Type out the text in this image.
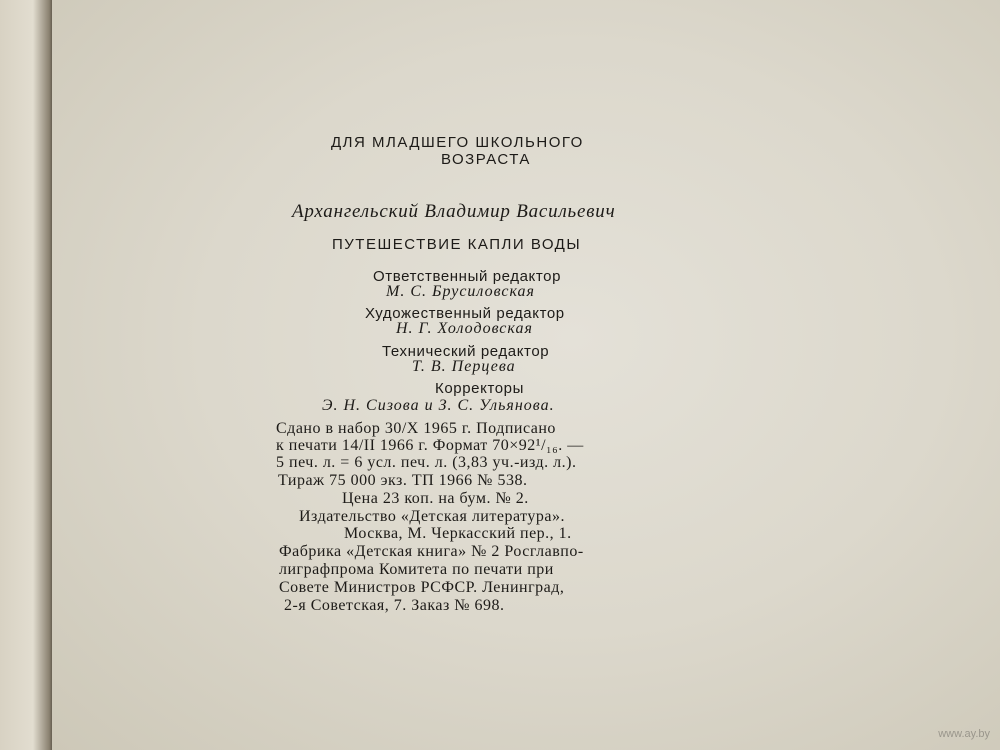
ДЛЯ МЛАДШЕГО ШКОЛЬНОГО
ВОЗРАСТА
Архангельский Владимир Васильевич
ПУТЕШЕСТВИЕ КАПЛИ ВОДЫ
Ответственный редактор
М. С. Брусиловская
Художественный редактор
Н. Г. Холодовская
Технический редактор
Т. В. Перцева
Корректоры
Э. Н. Сизова и З. С. Ульянова.
Сдано в набор 30/X 1965 г. Подписано
к печати 14/II 1966 г. Формат 70×92¹/₁₆. —
5 печ. л. = 6 усл. печ. л. (3,83 уч.-изд. л.).
Тираж 75 000 экз. ТП 1966 № 538.
Цена 23 коп. на бум. № 2.
Издательство «Детская литература».
Москва, М. Черкасский пер., 1.
Фабрика «Детская книга» № 2 Росглавпо-
лиграфпрома Комитета по печати при
Совете Министров РСФСР. Ленинград,
2-я Советская, 7. Заказ № 698.
www.ay.by
